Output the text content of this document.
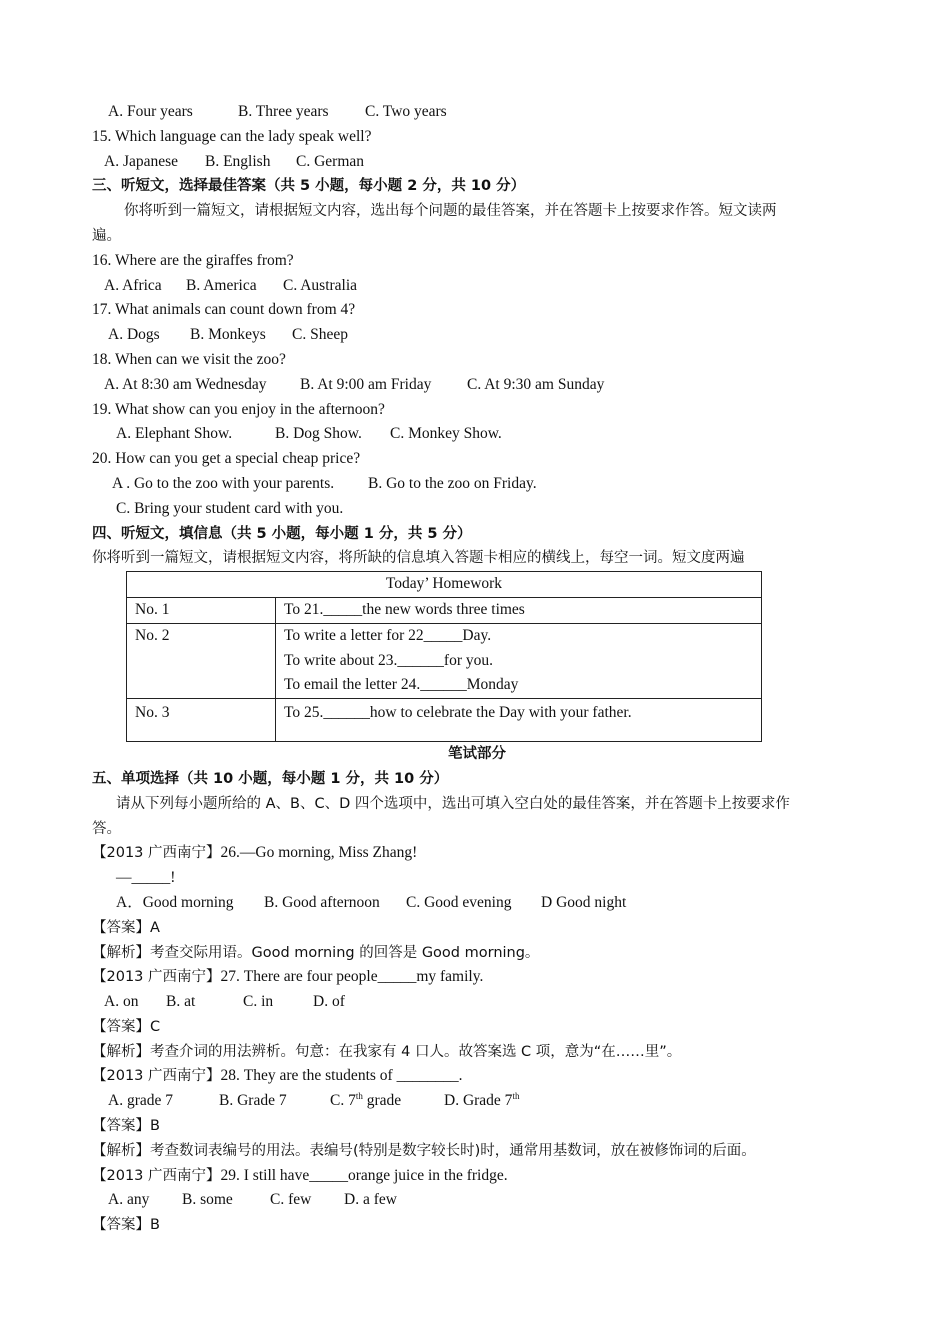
A. Four years	B. Three years C. Two years
15. Which language can the lady speak well?
A. Japanese B. English C. German
三、听短文，选择最佳答案（共 5 小题，每小题 2 分，共 10 分）
你将听到一篇短文，请根据短文内容，选出每个问题的最佳答案，并在答题卡上按要求作答。短文读两
遍。
16. Where are the giraffes from?
A. Africa B. America C. Australia
17. What animals can count down from 4?
A. Dogs B. Monkeys C. Sheep
18. When can we visit the zoo?
A. At 8:30 am Wednesday B. At 9:00 am Friday C. At 9:30 am Sunday
19. What show can you enjoy in the afternoon?
A. Elephant Show.	B. Dog Show. C. Monkey Show.
20. How can you get a special cheap price?
A . Go to the zoo with your parents. B. Go to the zoo on Friday.
C. Bring your student card with you.
四、听短文，填信息（共 5 小题，每小题 1 分，共 5 分）
你将听到一篇短文，请根据短文内容，将所缺的信息填入答题卡相应的横线上，每空一词。短文度两遍
Today’ Homework	
No. 1	To 21._____the new words three times

No. 2	To write a letter for 22_____Day.
To write about 23.______for you.
To email the letter 24.______Monday

No. 3	To 25.______how to celebrate the Day with your father.
笔试部分
五、单项选择（共 10 小题，每小题 1 分，共 10 分）
请从下列每小题所给的 A、B、C、D 四个选项中，选出可填入空白处的最佳答案，并在答题卡上按要求作
答。
【2013 广西南宁】26.—Go morning, Miss Zhang!
—_____!
A．Good morning B. Good afternoon C. Good evening D Good night
【答案】A
【解析】考查交际用语。Good morning 的回答是 Good morning。
【2013 广西南宁】27. There are four people_____my family.
A. on B. at	C. in	D. of
【答案】C
【解析】考查介词的用法辨析。句意：在我家有 4 口人。故答案选 C 项，意为“在……里”。
【2013 广西南宁】28. They are the students of ________.
A. grade 7	B. Grade 7	C. 7th grade	D. Grade 7th
【答案】B
【解析】考查数词表编号的用法。表编号(特别是数字较长时)时，通常用基数词，放在被修饰词的后面。
【2013 广西南宁】29. I still have_____orange juice in the fridge.
A. any B. some C. few D. a few
【答案】B
